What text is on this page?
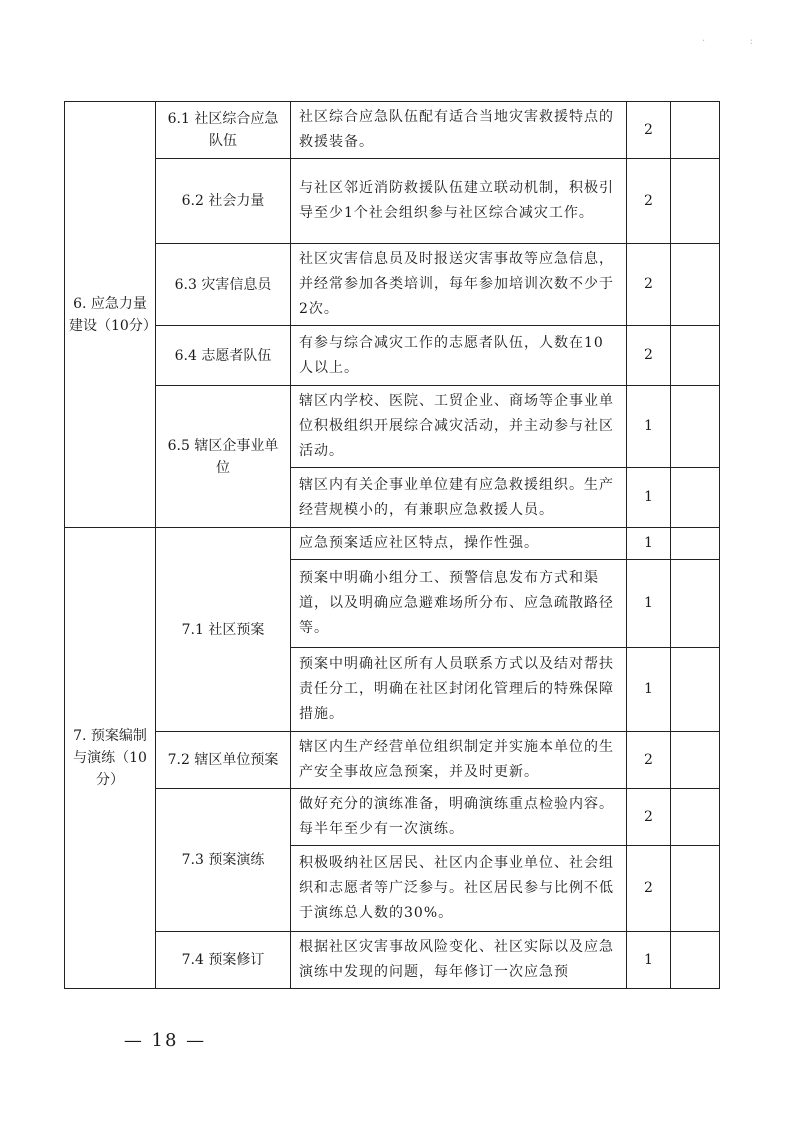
·              :
6. 应急力量建设（10分）	6.1 社区综合应急队伍	社区综合应急队伍配有适合当地灾害救援特点的救援装备。	2	
	6.2 社会力量	与社区邻近消防救援队伍建立联动机制，积极引导至少1个社会组织参与社区综合减灾工作。	2	
	6.3 灾害信息员	社区灾害信息员及时报送灾害事故等应急信息，并经常参加各类培训，每年参加培训次数不少于2次。	2	
	6.4 志愿者队伍	有参与综合减灾工作的志愿者队伍，人数在10人以上。	2	
	6.5 辖区企事业单位	辖区内学校、医院、工贸企业、商场等企事业单位积极组织开展综合减灾活动，并主动参与社区活动。	1	
		辖区内有关企事业单位建有应急救援组织。生产经营规模小的，有兼职应急救援人员。	1	
7. 预案编制与演练（10分）	7.1 社区预案	应急预案适应社区特点，操作性强。	1	
		预案中明确小组分工、预警信息发布方式和渠道，以及明确应急避难场所分布、应急疏散路径等。	1	
		预案中明确社区所有人员联系方式以及结对帮扶责任分工，明确在社区封闭化管理后的特殊保障措施。	1	
	7.2 辖区单位预案	辖区内生产经营单位组织制定并实施本单位的生产安全事故应急预案，并及时更新。	2	
	7.3 预案演练	做好充分的演练准备，明确演练重点检验内容。每半年至少有一次演练。	2	
		积极吸纳社区居民、社区内企事业单位、社会组织和志愿者等广泛参与。社区居民参与比例不低于演练总人数的30%。	2	
	7.4 预案修订	根据社区灾害事故风险变化、社区实际以及应急演练中发现的问题，每年修订一次应急预	1	
— 18 —
